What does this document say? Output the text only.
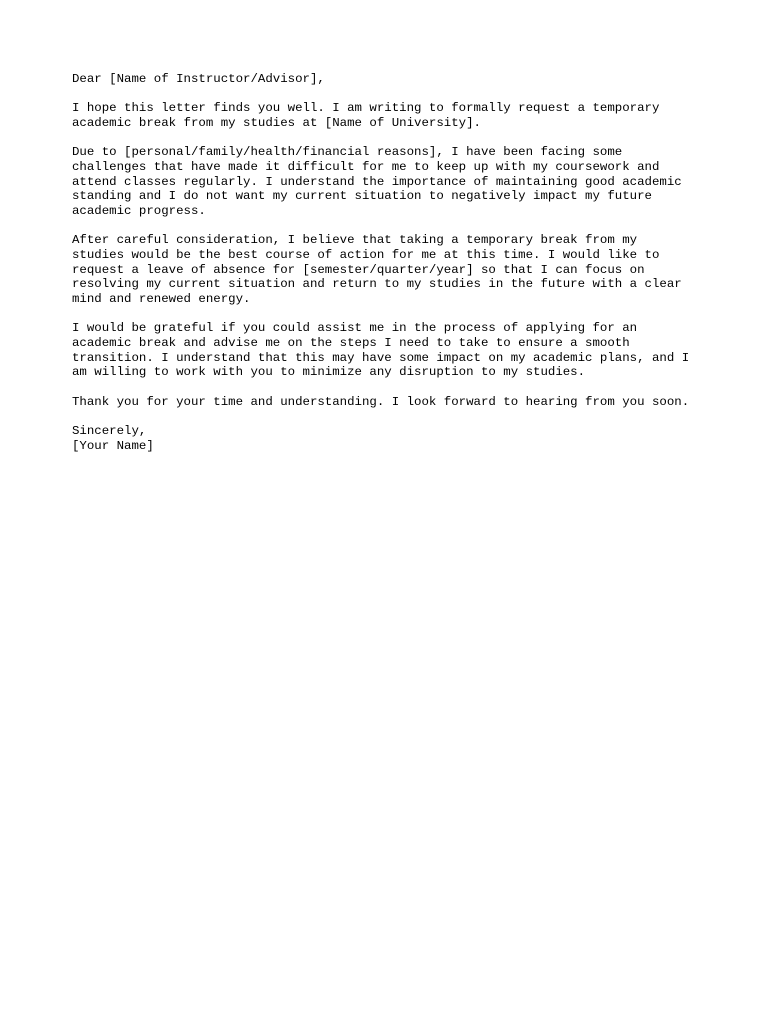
Dear [Name of Instructor/Advisor],
I hope this letter finds you well. I am writing to formally request a temporary
academic break from my studies at [Name of University].
Due to [personal/family/health/financial reasons], I have been facing some
challenges that have made it difficult for me to keep up with my coursework and
attend classes regularly. I understand the importance of maintaining good academic
standing and I do not want my current situation to negatively impact my future
academic progress.
After careful consideration, I believe that taking a temporary break from my
studies would be the best course of action for me at this time. I would like to
request a leave of absence for [semester/quarter/year] so that I can focus on
resolving my current situation and return to my studies in the future with a clear
mind and renewed energy.
I would be grateful if you could assist me in the process of applying for an
academic break and advise me on the steps I need to take to ensure a smooth
transition. I understand that this may have some impact on my academic plans, and I
am willing to work with you to minimize any disruption to my studies.
Thank you for your time and understanding. I look forward to hearing from you soon.
Sincerely,
[Your Name]
